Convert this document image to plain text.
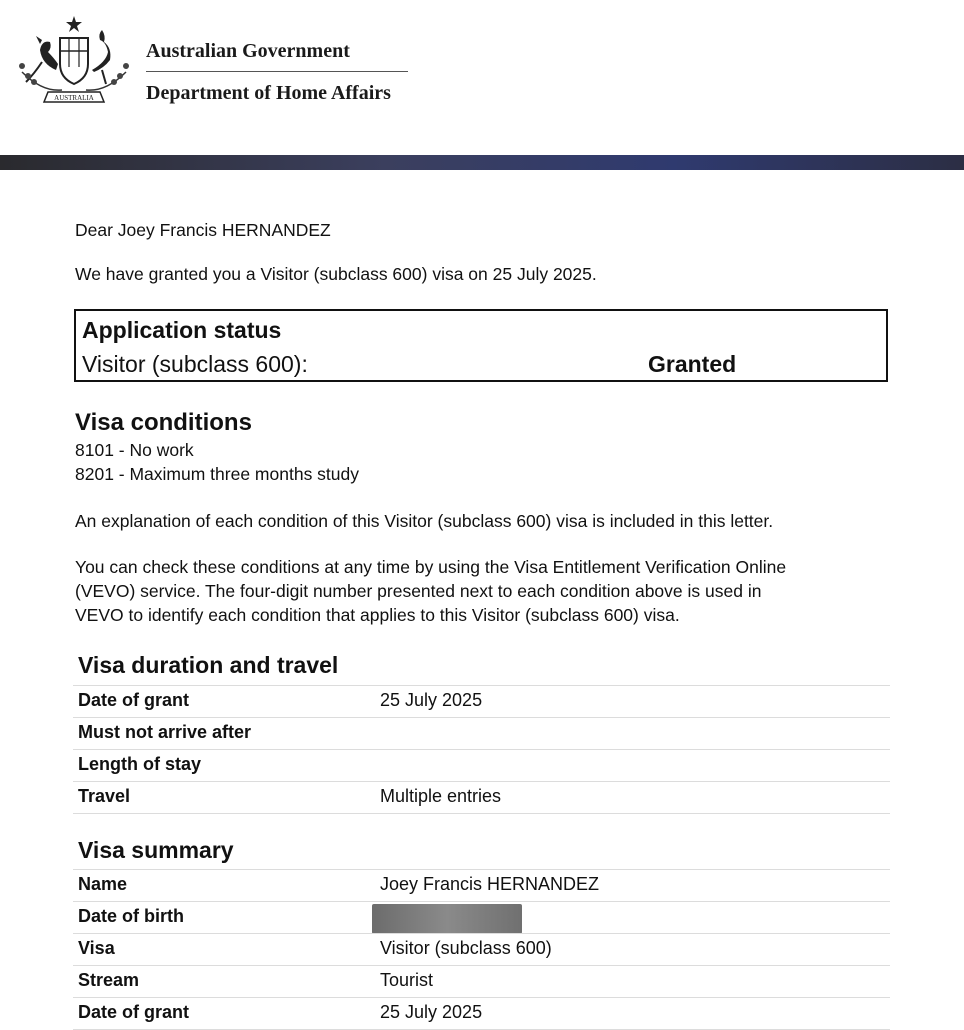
AUSTRALIA
Australian Government
Department of Home Affairs
Dear Joey Francis HERNANDEZ
We have granted you a Visitor (subclass 600) visa on 25 July 2025.
Application status
Visitor (subclass 600):	Granted
Visa conditions
8101 - No work
8201 - Maximum three months study
An explanation of each condition of this Visitor (subclass 600) visa is included in this letter.
You can check these conditions at any time by using the Visa Entitlement Verification Online
(VEVO) service. The four-digit number presented next to each condition above is used in
VEVO to identify each condition that applies to this Visitor (subclass 600) visa.
Visa duration and travel
Date of grant	25 July 2025
Must not arrive after
Length of stay
Travel	Multiple entries
Visa summary
Name	Joey Francis HERNANDEZ
Date of birth
Visa	Visitor (subclass 600)
Stream	Tourist
Date of grant	25 July 2025
